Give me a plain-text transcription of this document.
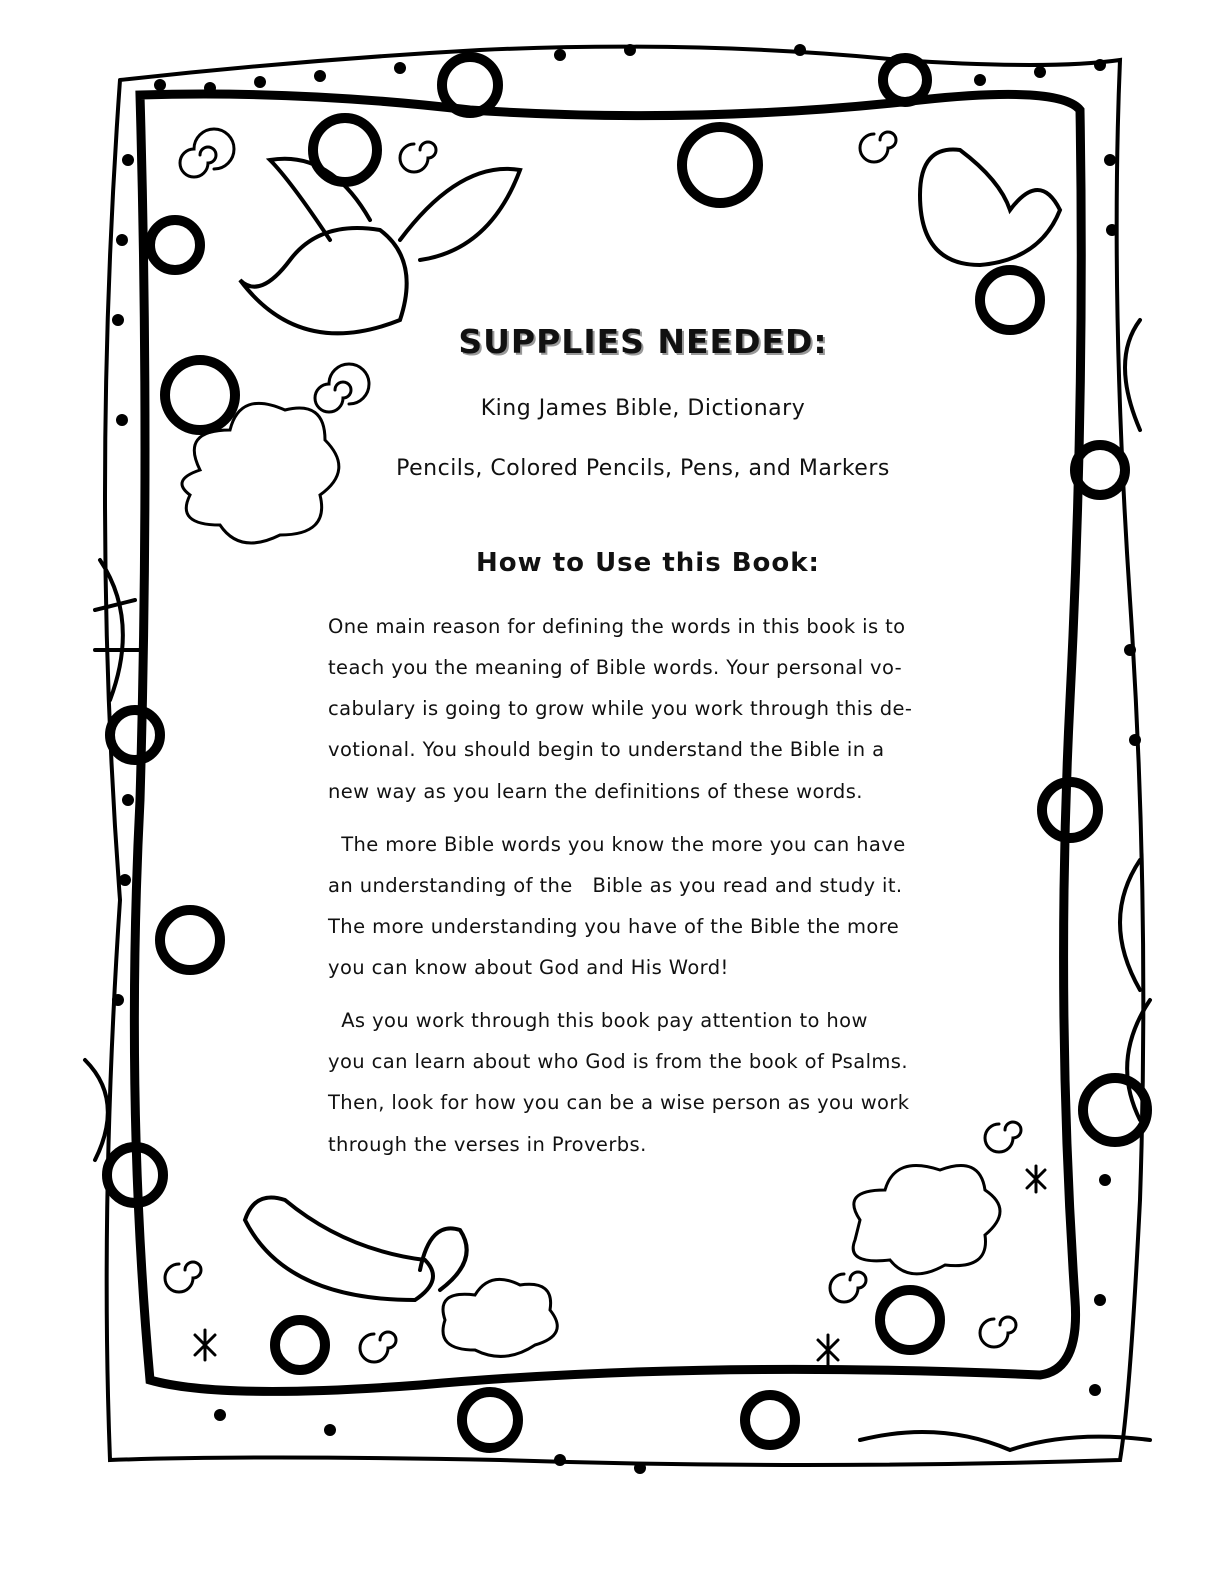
SUPPLIES NEEDED:
King James Bible, Dictionary
Pencils, Colored Pencils, Pens, and Markers
How to Use this Book:
One main reason for defining the words in this book is to
teach you the meaning of Bible words. Your personal vo-
cabulary is going to grow while you work through this de-
votional. You should begin to understand the Bible in a
new way as you learn the definitions of these words.
The more Bible words you know the more you can have
an understanding of the   Bible as you read and study it.
The more understanding you have of the Bible the more
you can know about God and His Word!
As you work through this book pay attention to how
you can learn about who God is from the book of Psalms.
Then, look for how you can be a wise person as you work
through the verses in Proverbs.
